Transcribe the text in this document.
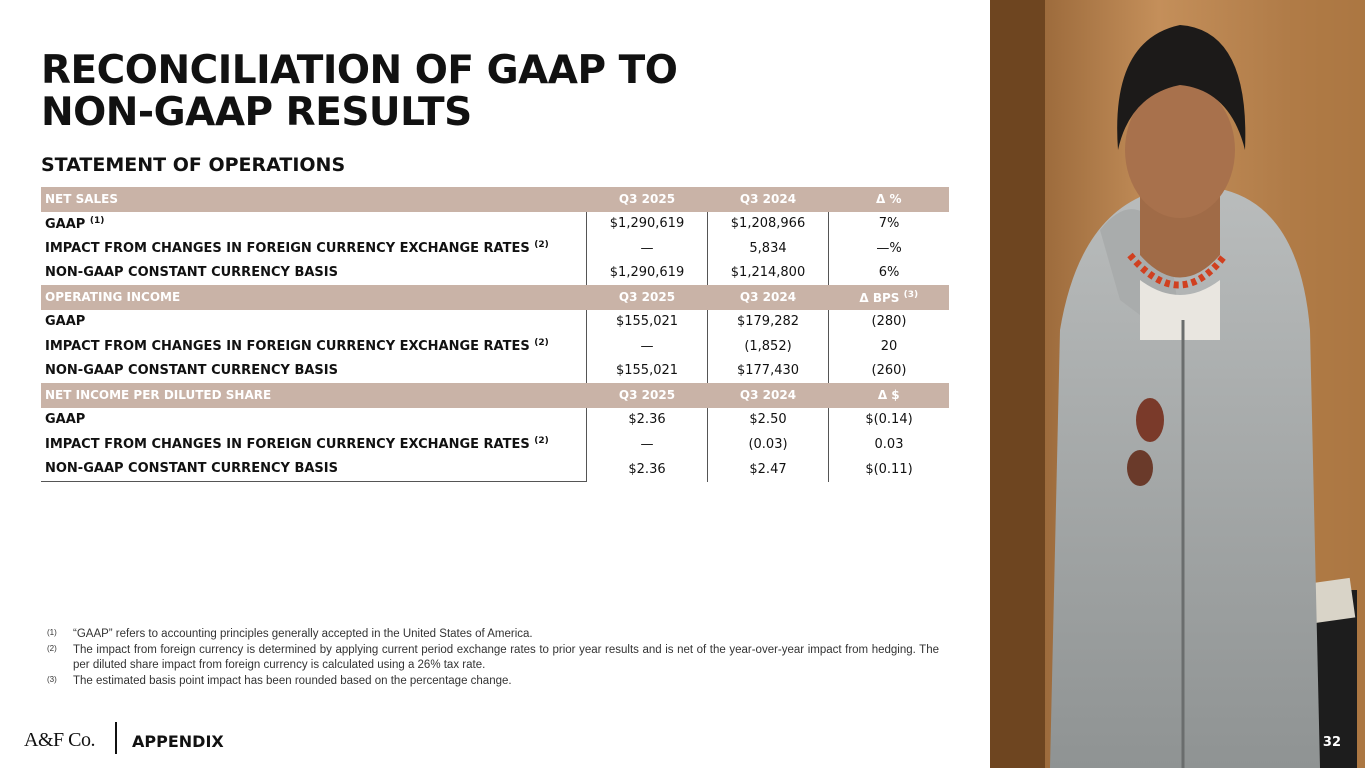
RECONCILIATION OF GAAP TO
NON-GAAP RESULTS
STATEMENT OF OPERATIONS
NET SALES	Q3 2025	Q3 2024	Δ %
GAAP $^{(1)}$	$1,290,619	$1,208,966	7%
IMPACT FROM CHANGES IN FOREIGN CURRENCY EXCHANGE RATES $^{(2)}$	—	5,834	—%
NON-GAAP CONSTANT CURRENCY BASIS	$1,290,619	$1,214,800	6%
OPERATING INCOME	Q3 2025	Q3 2024	Δ BPS $^{(3)}$
GAAP	$155,021	$179,282	(280)
IMPACT FROM CHANGES IN FOREIGN CURRENCY EXCHANGE RATES $^{(2)}$	—	(1,852)	20
NON-GAAP CONSTANT CURRENCY BASIS	$155,021	$177,430	(260)
NET INCOME PER DILUTED SHARE	Q3 2025	Q3 2024	Δ $
GAAP	$2.36	$2.50	$(0.14)
IMPACT FROM CHANGES IN FOREIGN CURRENCY EXCHANGE RATES $^{(2)}$	—	(0.03)	0.03
NON-GAAP CONSTANT CURRENCY BASIS	$2.36	$2.47	$(0.11)
(1)	“GAAP” refers to accounting principles generally accepted in the United States of America.
(2)	The impact from foreign currency is determined by applying current period exchange rates to prior year results and is net of the year-over-year impact from hedging. The per diluted share impact from foreign currency is calculated using a 26% tax rate.
(3)	The estimated basis point impact has been rounded based on the percentage change.
A&F Co. APPENDIX	32
